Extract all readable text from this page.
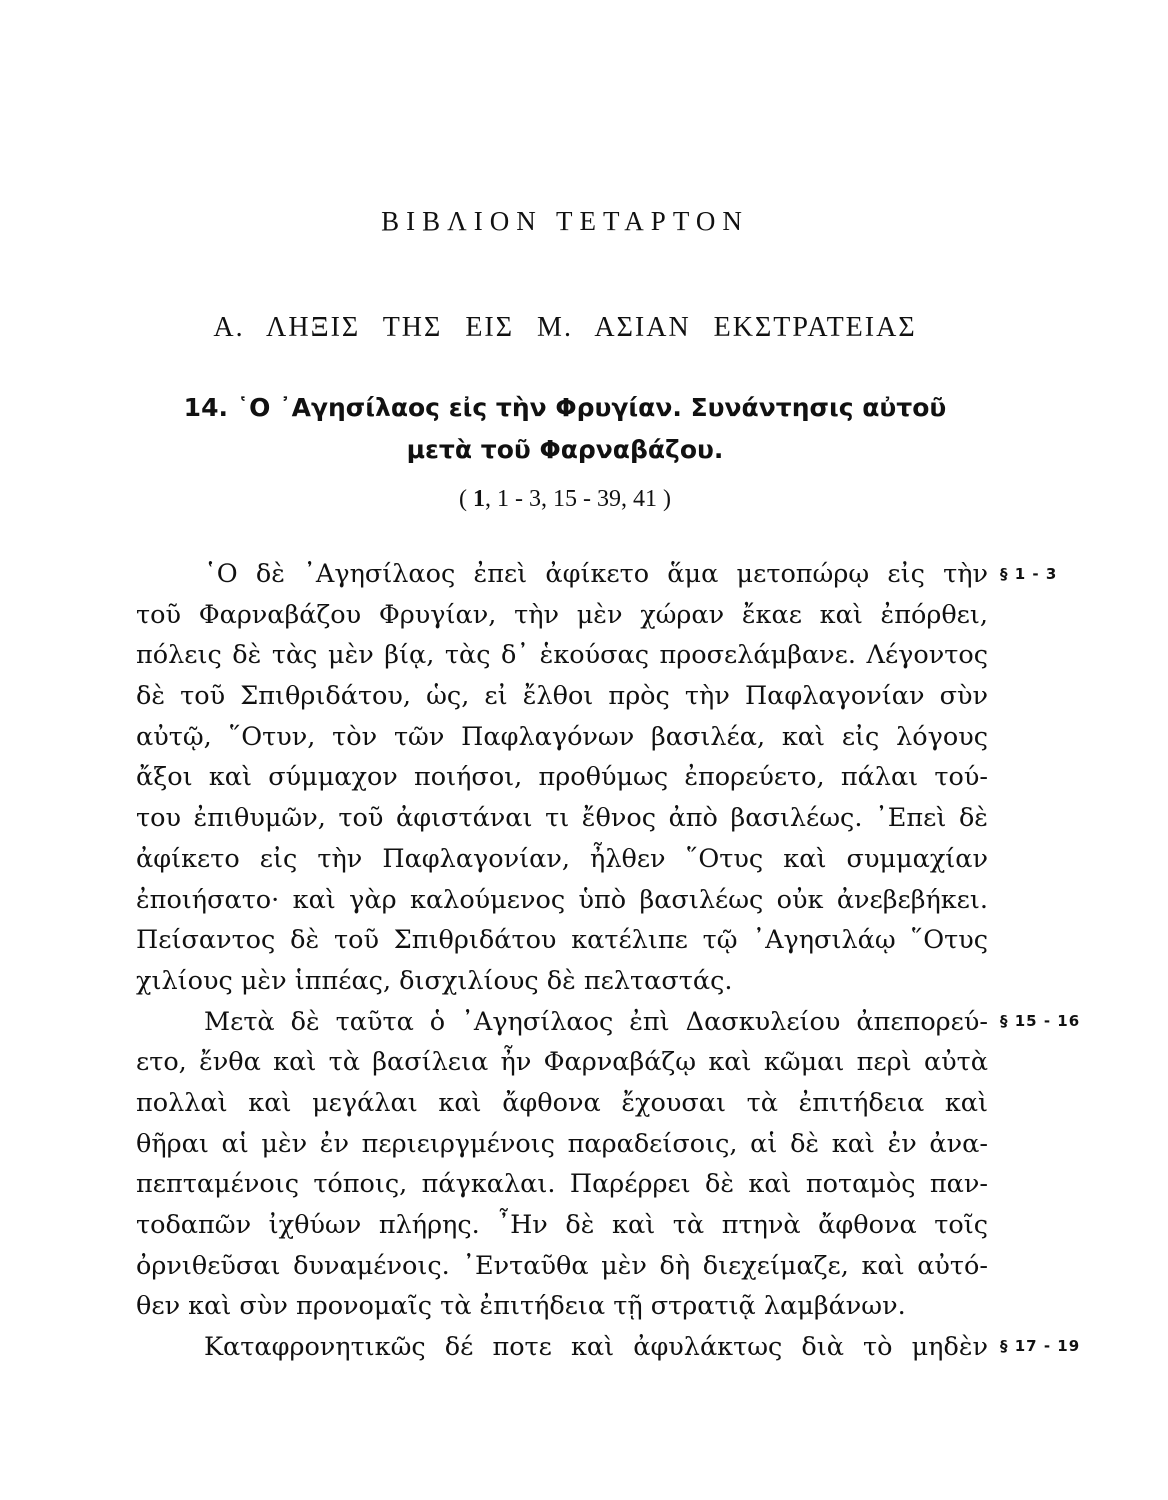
ΒΙΒΛΙΟΝ ΤΕΤΑΡΤΟΝ
Α. ΛΗΞΙΣ ΤΗΣ ΕΙΣ Μ. ΑΣΙΑΝ ΕΚΣΤΡΑΤΕΙΑΣ
14. ῾Ο ᾿Αγησίλαος εἰς τὴν Φρυγίαν. Συνάντησις αὐτοῦ
μετὰ τοῦ Φαρναβάζου.

( 1, 1 - 3, 15 - 39, 41 )

῾Ο δὲ ᾿Αγησίλαος ἐπεὶ ἀφίκετο ἅμα μετοπώρῳ εἰς τὴν
τοῦ Φαρναβάζου Φρυγίαν, τὴν μὲν χώραν ἔκαε καὶ ἐπόρθει,
πόλεις δὲ τὰς μὲν βίᾳ, τὰς δ᾿ ἑκούσας προσελάμβανε. Λέγοντος
δὲ τοῦ Σπιθριδάτου, ὡς, εἰ ἔλθοι πρὸς τὴν Παφλαγονίαν σὺν
αὐτῷ, ῞Οτυν, τὸν τῶν Παφλαγόνων βασιλέα, καὶ εἰς λόγους
ἄξοι καὶ σύμμαχον ποιήσοι, προθύμως ἐπορεύετο, πάλαι τού-
του ἐπιθυμῶν, τοῦ ἀφιστάναι τι ἔθνος ἀπὸ βασιλέως. ᾿Επεὶ δὲ
ἀφίκετο εἰς τὴν Παφλαγονίαν, ἦλθεν ῞Οτυς καὶ συμμαχίαν
ἐποιήσατο· καὶ γὰρ καλούμενος ὑπὸ βασιλέως οὐκ ἀνεβεβήκει.
Πείσαντος δὲ τοῦ Σπιθριδάτου κατέλιπε τῷ ᾿Αγησιλάῳ ῞Οτυς
χιλίους μὲν ἱππέας, δισχιλίους δὲ πελταστάς.
Μετὰ δὲ ταῦτα ὁ ᾿Αγησίλαος ἐπὶ Δασκυλείου ἀπεπορεύ-
ετο, ἔνθα καὶ τὰ βασίλεια ἦν Φαρναβάζῳ καὶ κῶμαι περὶ αὐτὰ
πολλαὶ καὶ μεγάλαι καὶ ἄφθονα ἔχουσαι τὰ ἐπιτήδεια καὶ
θῆραι αἱ μὲν ἐν περιειργμένοις παραδείσοις, αἱ δὲ καὶ ἐν ἀνα-
πεπταμένοις τόποις, πάγκαλαι. Παρέρρει δὲ καὶ ποταμὸς παν-
τοδαπῶν ἰχθύων πλήρης. ῏Ην δὲ καὶ τὰ πτηνὰ ἄφθονα τοῖς
ὀρνιθεῦσαι δυναμένοις. ᾿Ενταῦθα μὲν δὴ διεχείμαζε, καὶ αὐτό-
θεν καὶ σὺν προνομαῖς τὰ ἐπιτήδεια τῇ στρατιᾷ λαμβάνων.
Καταφρονητικῶς δέ ποτε καὶ ἀφυλάκτως διὰ τὸ μηδὲν
§ 1 - 3
§ 15 - 16
§ 17 - 19
